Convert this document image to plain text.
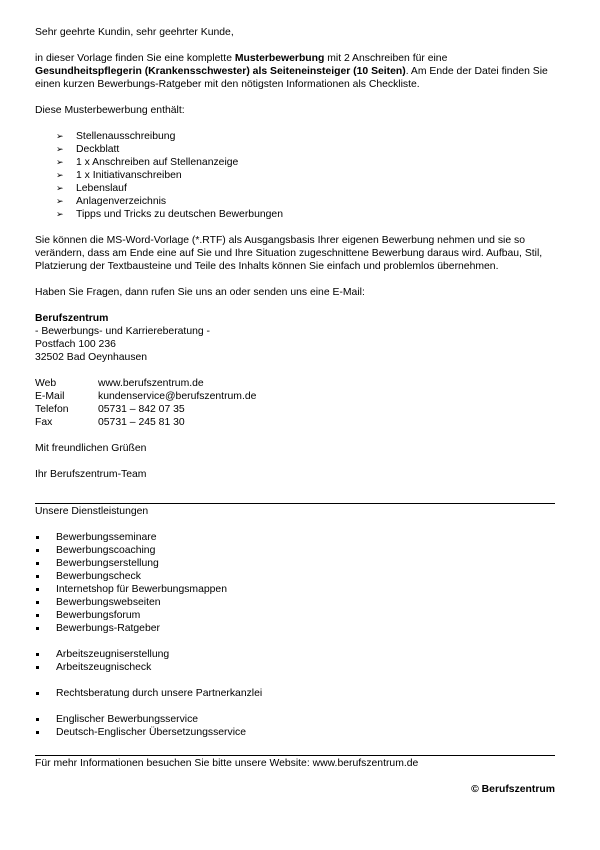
Sehr geehrte Kundin, sehr geehrter Kunde,

in dieser Vorlage finden Sie eine komplette Musterbewerbung mit 2 Anschreiben für eine Gesundheitspflegerin (Krankensschwester) als Seiteneinsteiger (10 Seiten). Am Ende der Datei finden Sie einen kurzen Bewerbungs-Ratgeber mit den nötigsten Informationen als Checkliste.

Diese Musterbewerbung enthält:

➢ Stellenausschreibung
➢ Deckblatt
➢ 1 x Anschreiben auf Stellenanzeige
➢ 1 x Initiativanschreiben
➢ Lebenslauf
➢ Anlagenverzeichnis
➢ Tipps und Tricks zu deutschen Bewerbungen

Sie können die MS-Word-Vorlage (*.RTF) als Ausgangsbasis Ihrer eigenen Bewerbung nehmen und sie so verändern, dass am Ende eine auf Sie und Ihre Situation zugeschnittene Bewerbung daraus wird. Aufbau, Stil, Platzierung der Textbausteine und Teile des Inhalts können Sie einfach und problemlos übernehmen.

Haben Sie Fragen, dann rufen Sie uns an oder senden uns eine E-Mail:

Berufszentrum

- Bewerbungs- und Karriereberatung -

Postfach 100 236

32502 Bad Oeynhausen

Web	www.berufszentrum.de
E-Mail	kundenservice@berufszentrum.de
Telefon	05731 – 842 07 35
Fax	05731 – 245 81 30

Mit freundlichen Grüßen

Ihr Berufszentrum-Team

Unsere Dienstleistungen

Bewerbungsseminare
Bewerbungscoaching
Bewerbungserstellung
Bewerbungscheck
Internetshop für Bewerbungsmappen
Bewerbungswebseiten
Bewerbungsforum
Bewerbungs-Ratgeber
Arbeitszeugniserstellung
Arbeitszeugnischeck
Rechtsberatung durch unsere Partnerkanzlei
Englischer Bewerbungsservice
Deutsch-Englischer Übersetzungsservice

Für mehr Informationen besuchen Sie bitte unsere Website: www.berufszentrum.de

© Berufszentrum
